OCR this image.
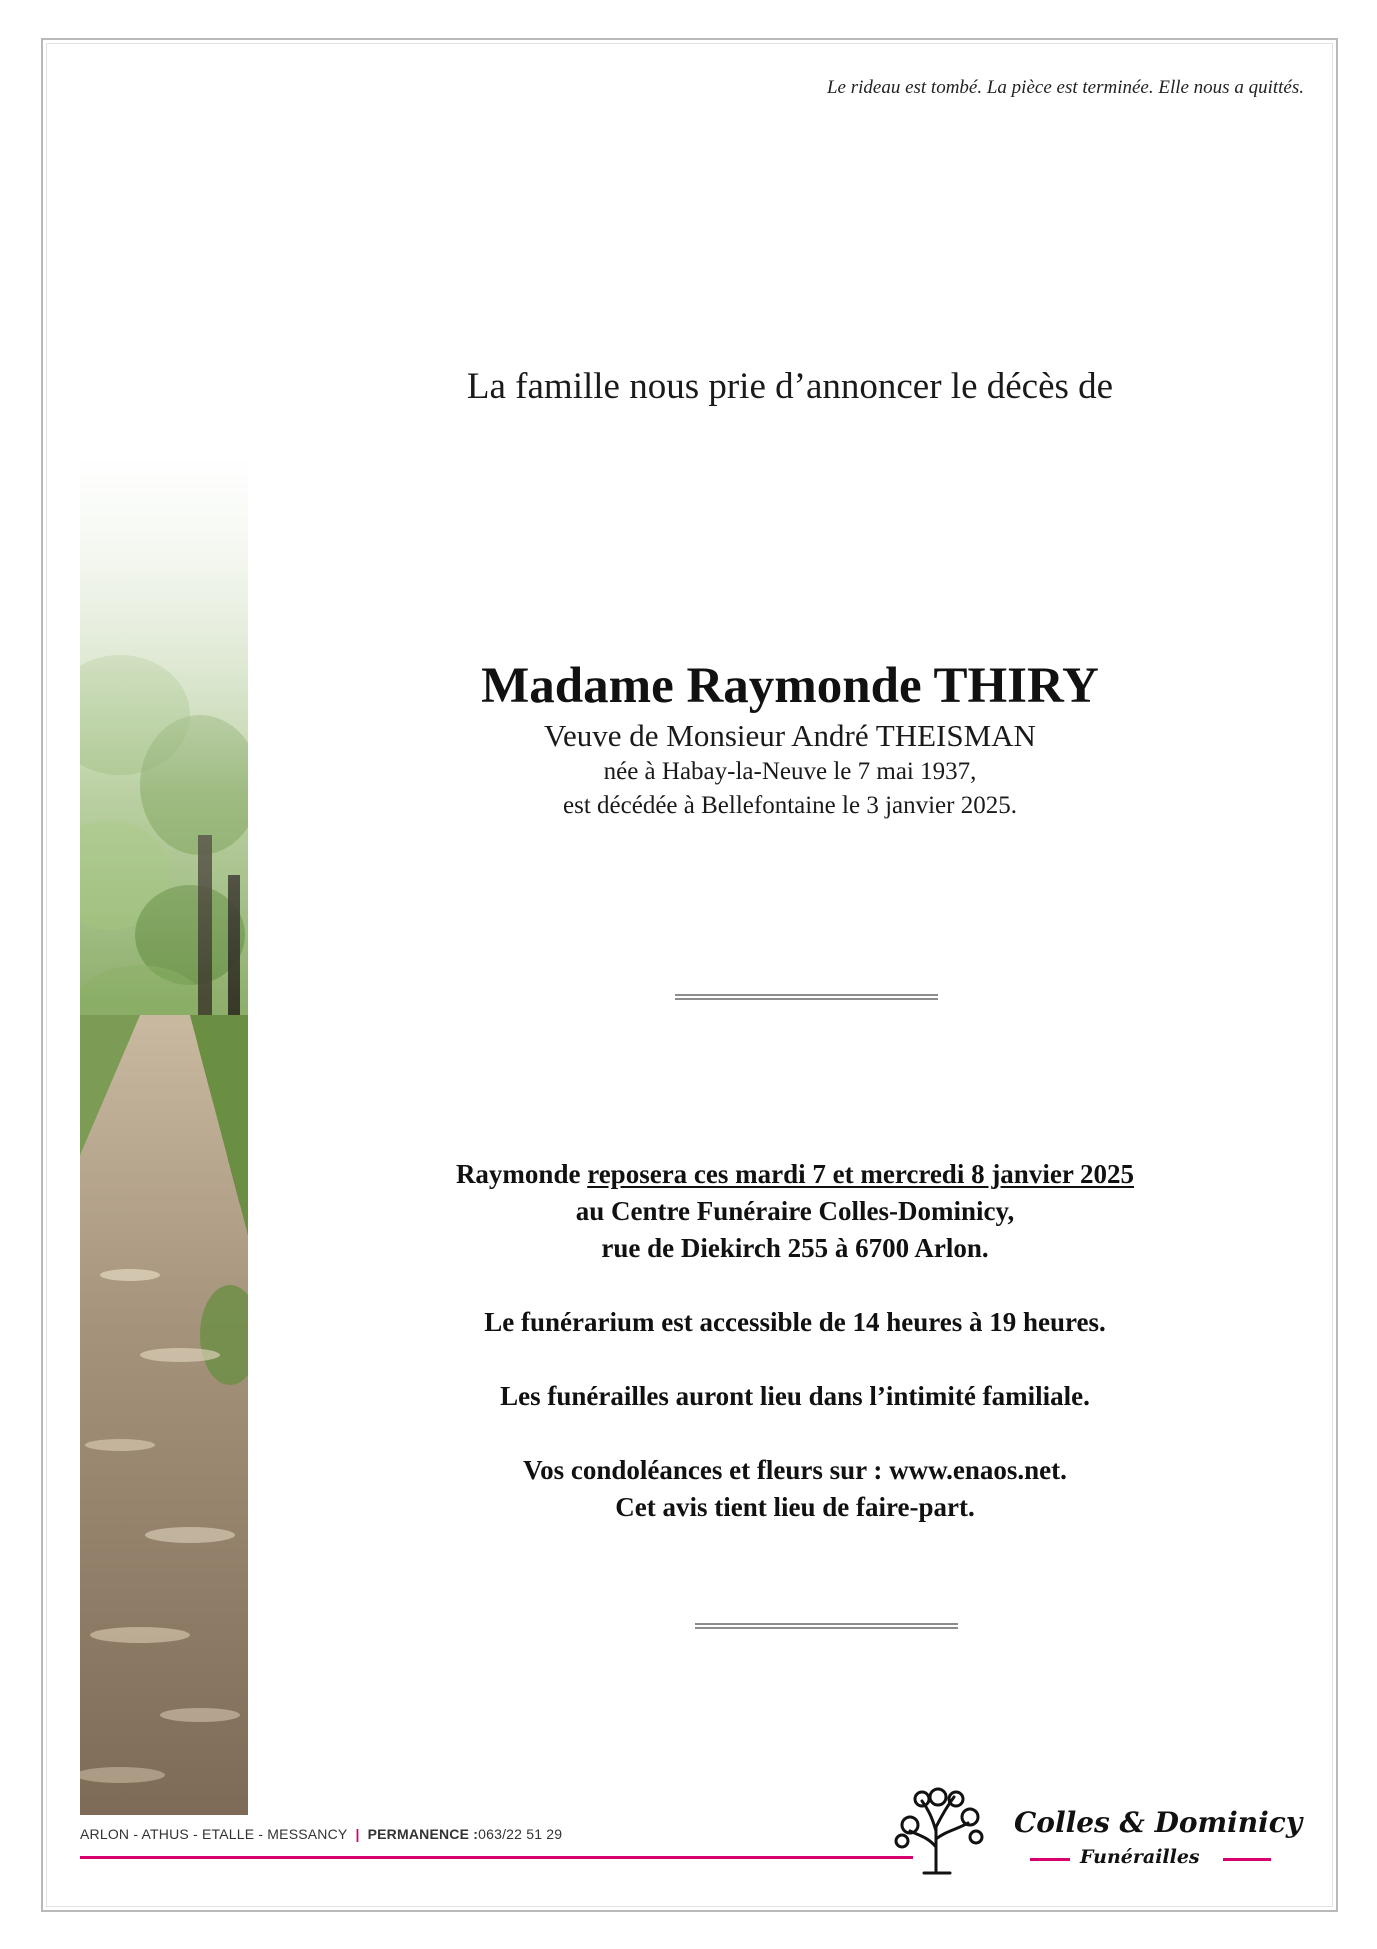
Le rideau est tombé. La pièce est terminée. Elle nous a quittés.

La famille nous prie d’annoncer le décès de

Madame Raymonde THIRY

Veuve de Monsieur André THEISMAN

née à Habay-la-Neuve le 7 mai 1937,

est décédée à Bellefontaine le 3 janvier 2025.

Raymonde reposera ces mardi 7 et mercredi 8 janvier 2025

au Centre Funéraire Colles-Dominicy,

rue de Diekirch 255 à 6700 Arlon.

Le funérarium est accessible de 14 heures à 19 heures.

Les funérailles auront lieu dans l’intimité familiale.

Vos condoléances et fleurs sur : www.enaos.net.

Cet avis tient lieu de faire-part.

ARLON - ATHUS - ETALLE - MESSANCY | PERMANENCE :063/22 51 29	Colles & Dominicy

Funérailles
